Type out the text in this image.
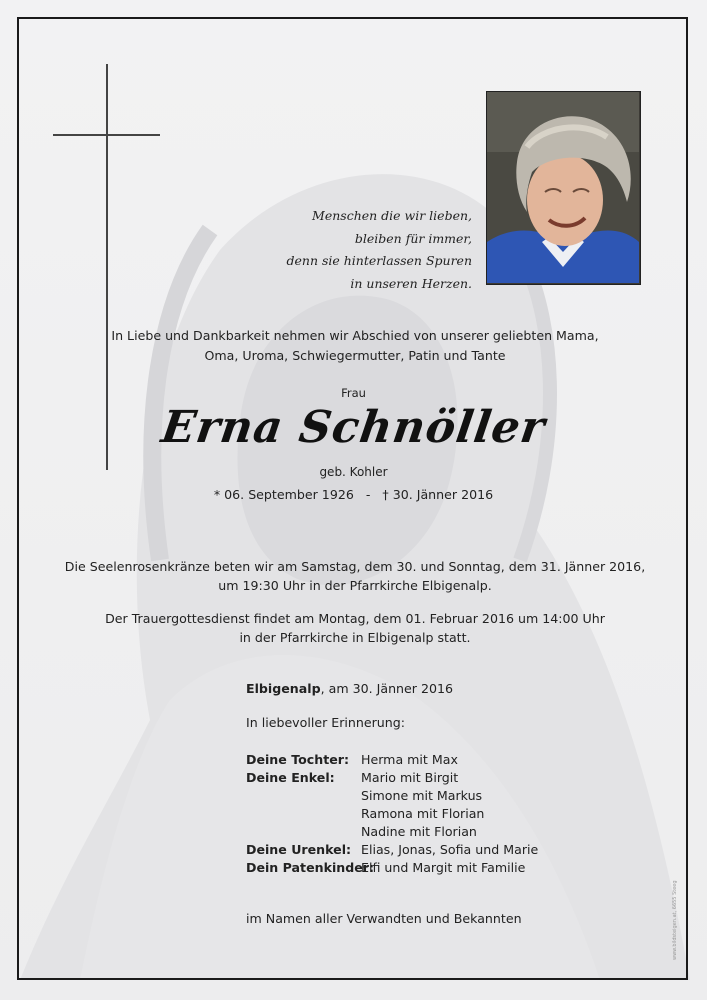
Menschen die wir lieben,
bleiben für immer,
denn sie hinterlassen Spuren
in unseren Herzen.
In Liebe und Dankbarkeit nehmen wir Abschied von unserer geliebten Mama,
Oma, Uroma, Schwiegermutter, Patin und Tante
Frau
Erna Schnöller
geb. Kohler
* 06. September 1926   -   † 30. Jänner 2016
Die Seelenrosenkränze beten wir am Samstag, dem 30. und Sonntag, dem 31. Jänner 2016,
um 19:30 Uhr in der Pfarrkirche Elbigenalp.
Der Trauergottesdienst findet am Montag, dem 01. Februar 2016 um 14:00 Uhr
in der Pfarrkirche in Elbigenalp statt.
Elbigenalp, am 30. Jänner 2016
In liebevoller Erinnerung:
Deine Tochter: Herma mit Max
Deine Enkel:	Mario mit Birgit
Simone mit Markus
Ramona mit Florian
Nadine mit Florian
Deine Urenkel: Elias, Jonas, Sofia und Marie
Dein Patenkinder:
Elfi und Margit mit Familie
im Namen aller Verwandten und Bekannten	www.bildsteigen.at, 6655 Steeg
